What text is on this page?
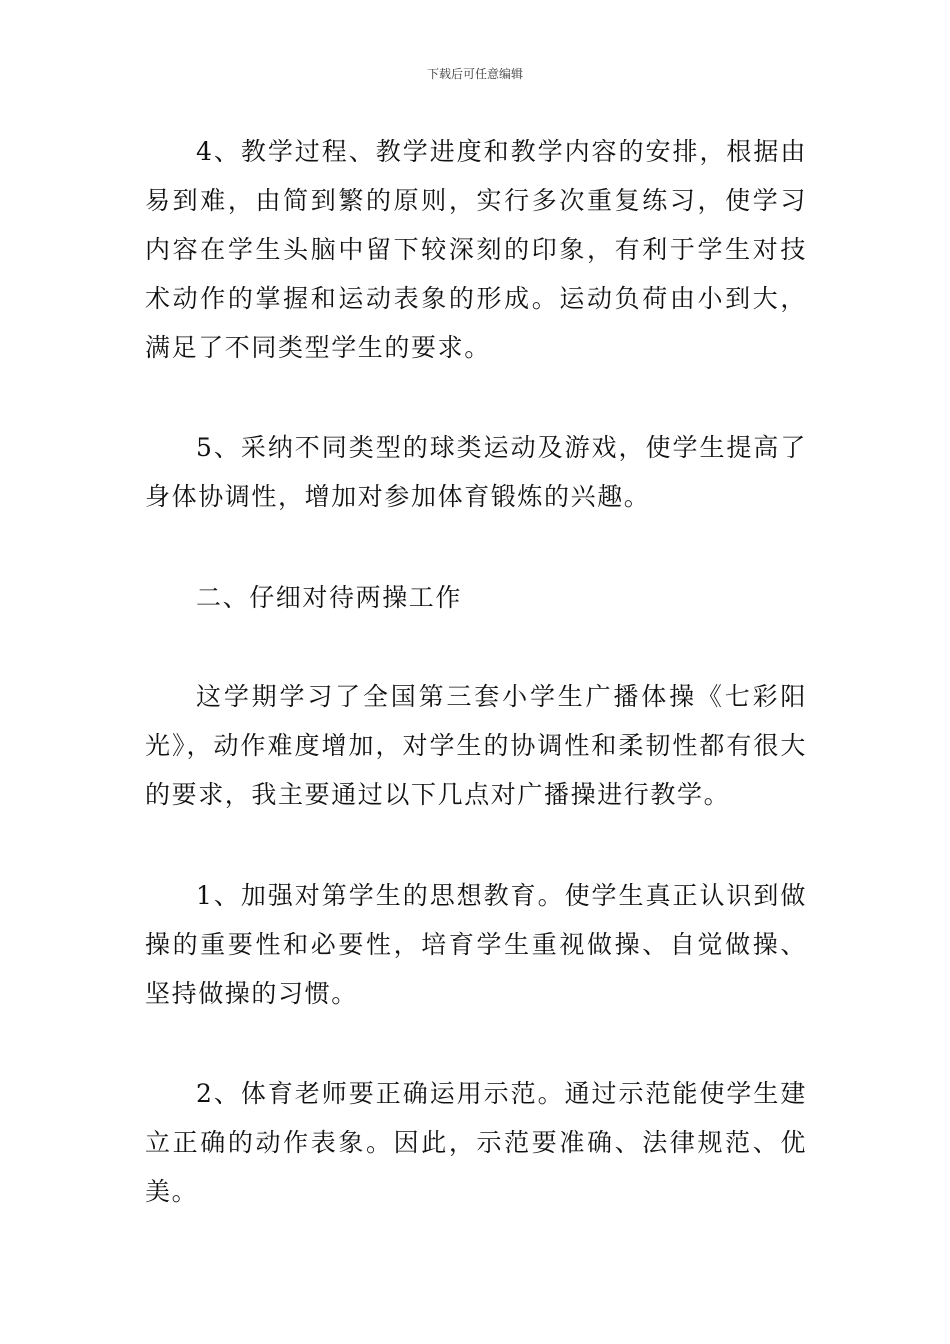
下载后可任意编辑

4、教学过程、教学进度和教学内容的安排，根据由易到难，由简到繁的原则，实行多次重复练习，使学习内容在学生头脑中留下较深刻的印象，有利于学生对技术动作的掌握和运动表象的形成。运动负荷由小到大，满足了不同类型学生的要求。

5、采纳不同类型的球类运动及游戏，使学生提高了身体协调性，增加对参加体育锻炼的兴趣。

二、仔细对待两操工作

这学期学习了全国第三套小学生广播体操《七彩阳光》，动作难度增加，对学生的协调性和柔韧性都有很大的要求，我主要通过以下几点对广播操进行教学。

1、加强对第学生的思想教育。使学生真正认识到做操的重要性和必要性，培育学生重视做操、自觉做操、坚持做操的习惯。

2、体育老师要正确运用示范。通过示范能使学生建立正确的动作表象。因此，示范要准确、法律规范、优美。
